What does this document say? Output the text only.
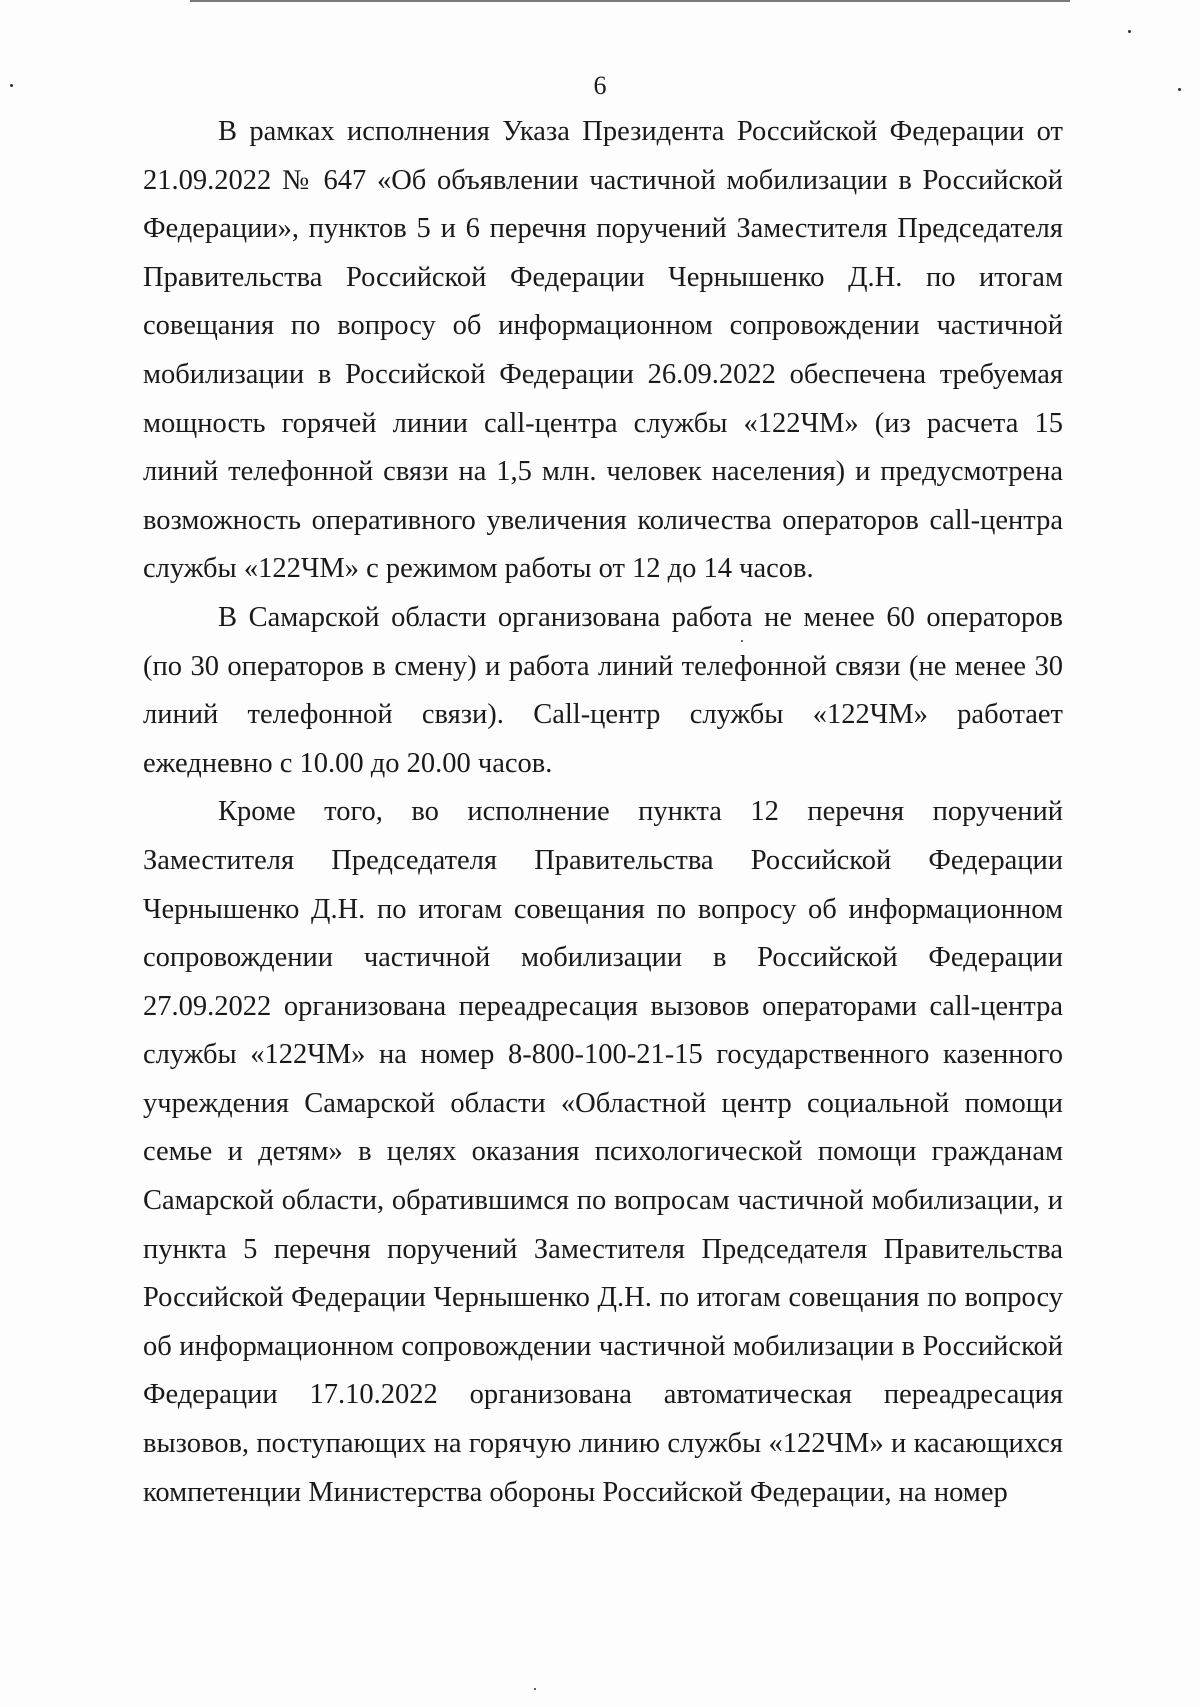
6

В рамках исполнения Указа Президента Российской Федерации от 21.09.2022 № 647 «Об объявлении частичной мобилизации в Российской Федерации», пунктов 5 и 6 перечня поручений Заместителя Председателя Правительства Российской Федерации Чернышенко Д.Н. по итогам совещания по вопросу об информационном сопровождении частичной мобилизации в Российской Федерации 26.09.2022 обеспечена требуемая мощность горячей линии call-центра службы «122ЧМ» (из расчета 15 линий телефонной связи на 1,5 млн. человек населения) и предусмотрена возможность оперативного увеличения количества операторов call-центра службы «122ЧМ» с режимом работы от 12 до 14 часов.

В Самарской области организована работа не менее 60 операторов (по 30 операторов в смену) и работа линий телефонной связи (не менее 30 линий телефонной связи). Call-центр службы «122ЧМ» работает ежедневно с 10.00 до 20.00 часов.

Кроме того, во исполнение пункта 12 перечня поручений Заместителя Председателя Правительства Российской Федерации Чернышенко Д.Н. по итогам совещания по вопросу об информационном сопровождении частичной мобилизации в Российской Федерации 27.09.2022 организована переадресация вызовов операторами call-центра службы «122ЧМ» на номер 8-800-100-21-15 государственного казенного учреждения Самарской области «Областной центр социальной помощи семье и детям» в целях оказания психологической помощи гражданам Самарской области, обратившимся по вопросам частичной мобилизации, и пункта 5 перечня поручений Заместителя Председателя Правительства Российской Федерации Чернышенко Д.Н. по итогам совещания по вопросу об информационном сопровождении частичной мобилизации в Российской Федерации 17.10.2022 организована автоматическая переадресация вызовов, поступающих на горячую линию службы «122ЧМ» и касающихся компетенции Министерства обороны Российской Федерации, на номер
